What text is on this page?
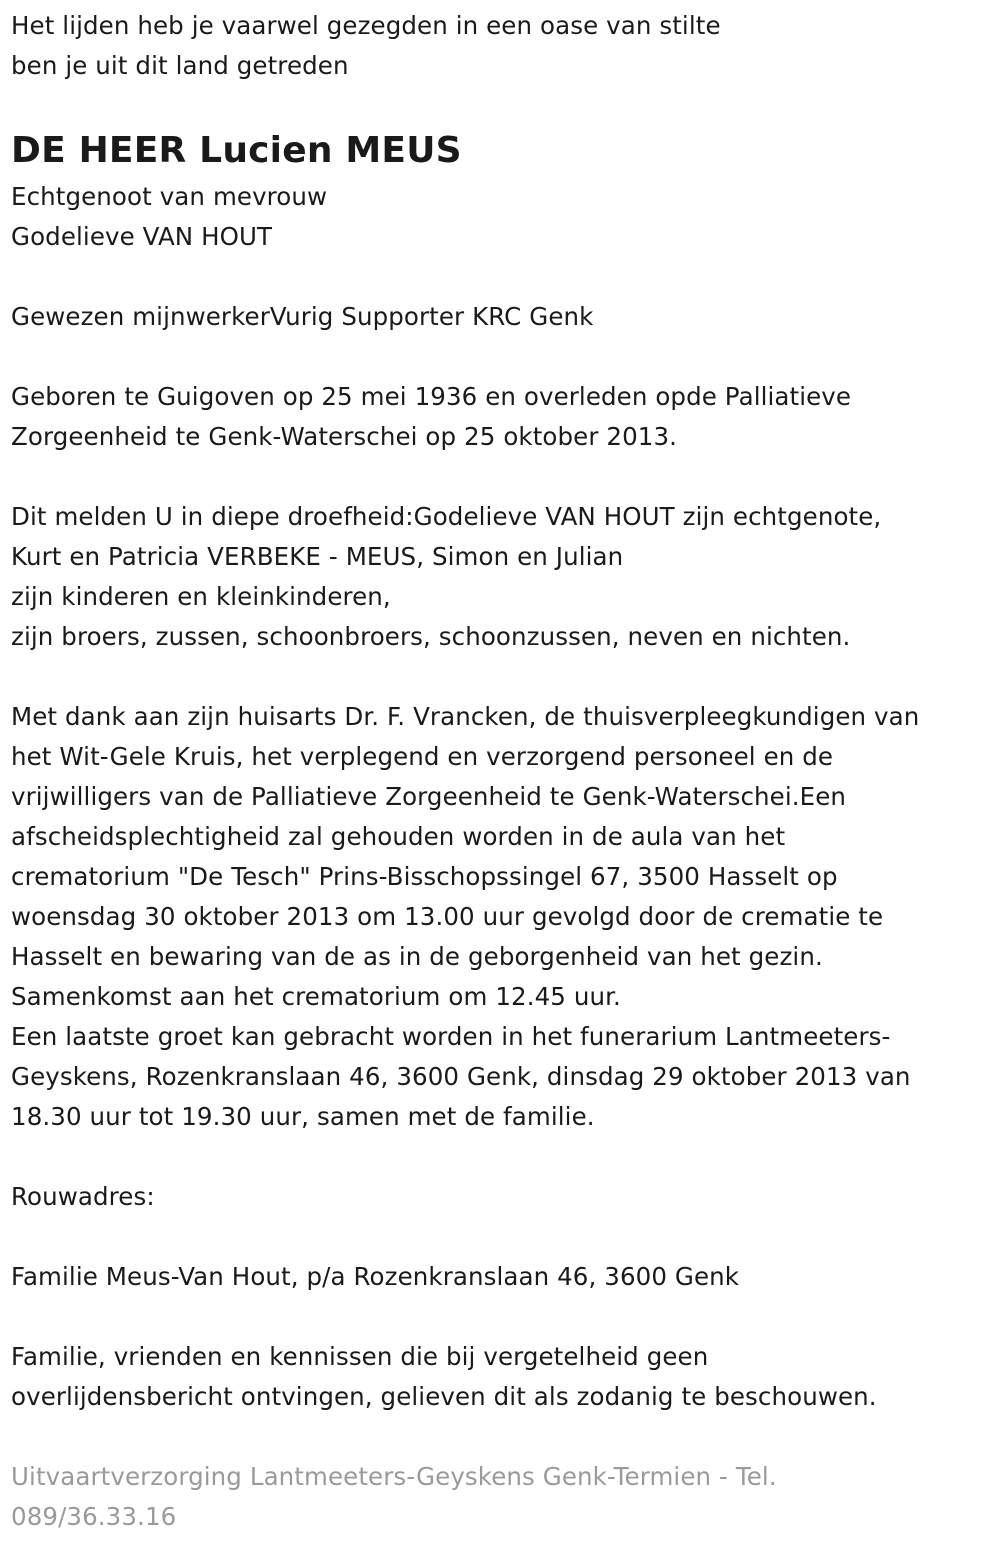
Het lijden heb je vaarwel gezegden in een oase van stilte
ben je uit dit land getreden
DE HEER Lucien MEUS
Echtgenoot van mevrouw
Godelieve VAN HOUT
Gewezen mijnwerkerVurig Supporter KRC Genk
Geboren te Guigoven op 25 mei 1936 en overleden opde Palliatieve
Zorgeenheid te Genk-Waterschei op 25 oktober 2013.
Dit melden U in diepe droefheid:Godelieve VAN HOUT zijn echtgenote,
Kurt en Patricia VERBEKE - MEUS, Simon en Julian
zijn kinderen en kleinkinderen,
zijn broers, zussen, schoonbroers, schoonzussen, neven en nichten.
Met dank aan zijn huisarts Dr. F. Vrancken, de thuisverpleegkundigen van
het Wit-Gele Kruis, het verplegend en verzorgend personeel en de
vrijwilligers van de Palliatieve Zorgeenheid te Genk-Waterschei.Een
afscheidsplechtigheid zal gehouden worden in de aula van het
crematorium "De Tesch" Prins-Bisschopssingel 67, 3500 Hasselt op
woensdag 30 oktober 2013 om 13.00 uur gevolgd door de crematie te
Hasselt en bewaring van de as in de geborgenheid van het gezin.
Samenkomst aan het crematorium om 12.45 uur.
Een laatste groet kan gebracht worden in het funerarium Lantmeeters-
Geyskens, Rozenkranslaan 46, 3600 Genk, dinsdag 29 oktober 2013 van
18.30 uur tot 19.30 uur, samen met de familie.
Rouwadres:
Familie Meus-Van Hout, p/a Rozenkranslaan 46, 3600 Genk
Familie, vrienden en kennissen die bij vergetelheid geen
overlijdensbericht ontvingen, gelieven dit als zodanig te beschouwen.
Uitvaartverzorging Lantmeeters-Geyskens Genk-Termien - Tel.
089/36.33.16
